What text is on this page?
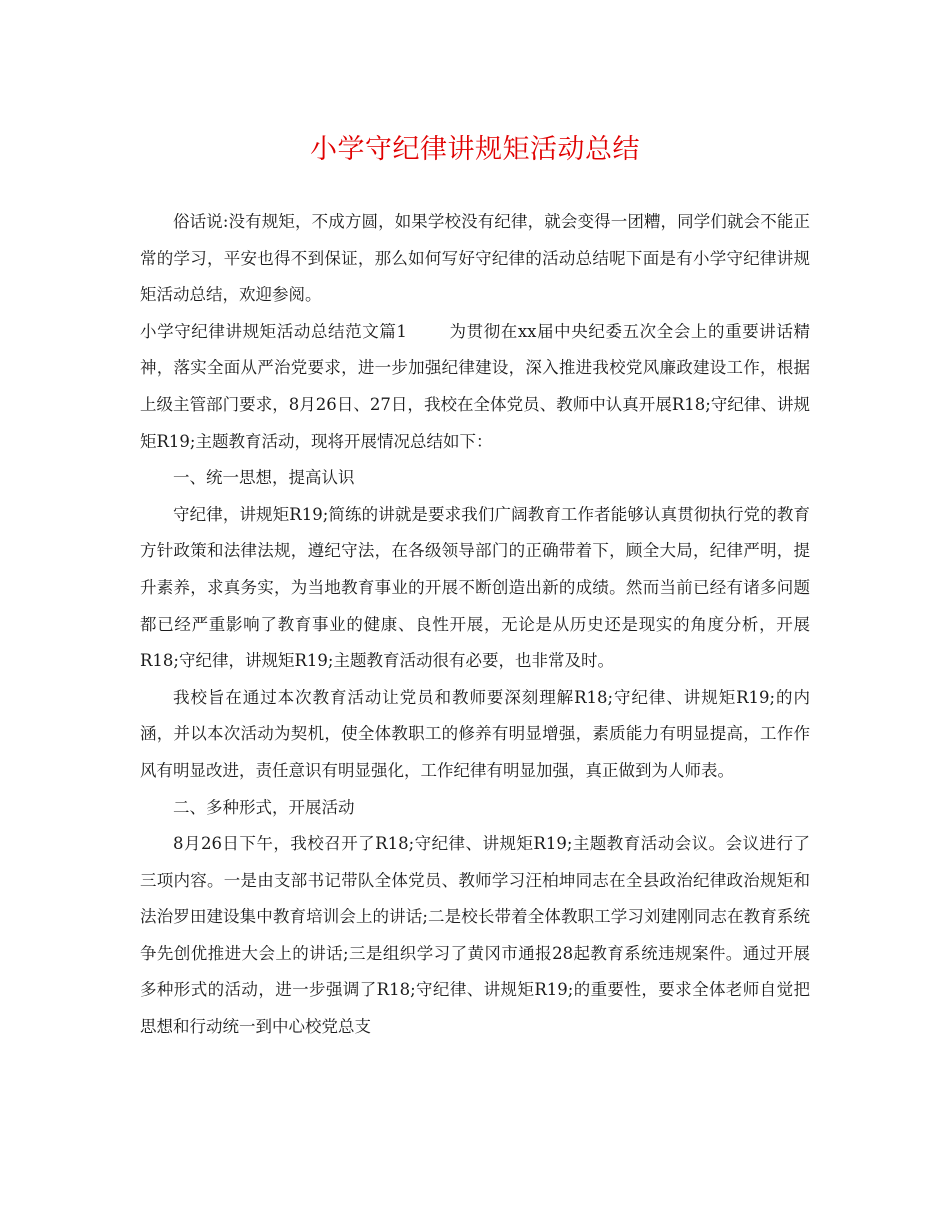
小学守纪律讲规矩活动总结

俗话说:没有规矩，不成方圆，如果学校没有纪律，就会变得一团糟，同学们就会不能正常的学习，平安也得不到保证，那么如何写好守纪律的活动总结呢下面是有小学守纪律讲规矩活动总结，欢迎参阅。

小学守纪律讲规矩活动总结范文篇1	为贯彻在xx届中央纪委五次全会上的重要讲话精神，落实全面从严治党要求，进一步加强纪律建设，深入推进我校党风廉政建设工作，根据上级主管部门要求，8月26日、27日，我校在全体党员、教师中认真开展R18;守纪律、讲规矩R19;主题教育活动，现将开展情况总结如下：

一、统一思想，提高认识

守纪律，讲规矩R19;简练的讲就是要求我们广阔教育工作者能够认真贯彻执行党的教育方针政策和法律法规，遵纪守法，在各级领导部门的正确带着下，顾全大局，纪律严明，提升素养，求真务实，为当地教育事业的开展不断创造出新的成绩。然而当前已经有诸多问题都已经严重影响了教育事业的健康、良性开展，无论是从历史还是现实的角度分析，开展R18;守纪律，讲规矩R19;主题教育活动很有必要，也非常及时。

我校旨在通过本次教育活动让党员和教师要深刻理解R18;守纪律、讲规矩R19;的内涵，并以本次活动为契机，使全体教职工的修养有明显增强，素质能力有明显提高，工作作风有明显改进，责任意识有明显强化，工作纪律有明显加强，真正做到为人师表。

二、多种形式，开展活动

8月26日下午，我校召开了R18;守纪律、讲规矩R19;主题教育活动会议。会议进行了三项内容。一是由支部书记带队全体党员、教师学习汪柏坤同志在全县政治纪律政治规矩和法治罗田建设集中教育培训会上的讲话;二是校长带着全体教职工学习刘建刚同志在教育系统争先创优推进大会上的讲话;三是组织学习了黄冈市通报28起教育系统违规案件。通过开展多种形式的活动，进一步强调了R18;守纪律、讲规矩R19;的重要性，要求全体老师自觉把思想和行动统一到中心校党总支
